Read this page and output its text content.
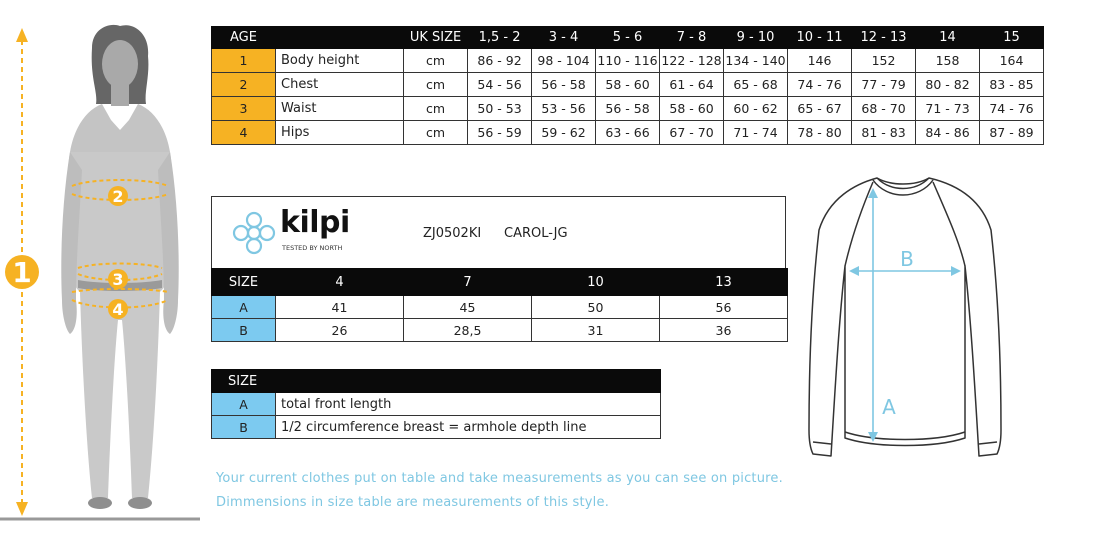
1
2
3
4
AGE		UK SIZE	1,5 - 2	3 - 4	5 - 6	7 - 8	9 - 10	10 - 11	12 - 13	14	15
1	Body height	cm	86 - 92	98 - 104	110 - 116	122 - 128	134 - 140	146	152	158	164
2	Chest	cm	54 - 56	56 - 58	58 - 60	61 - 64	65 - 68	74 - 76	77 - 79	80 - 82	83 - 85
3	Waist	cm	50 - 53	53 - 56	56 - 58	58 - 60	60 - 62	65 - 67	68 - 70	71 - 73	74 - 76
4	Hips	cm	56 - 59	59 - 62	63 - 66	67 - 70	71 - 74	78 - 80	81 - 83	84 - 86	87 - 89
kilpi
TESTED BY NORTH
ZJ0502KI CAROL-JG
SIZE	4	7	10	13
A	41	45	50	56
B	26	28,5	31	36
SIZE	
A	total front length
B	1/2 circumference breast = armhole depth line
Your current clothes put on table and take measurements as you can see on picture.
Dimmensions in size table are measurements of this style.
B
A
